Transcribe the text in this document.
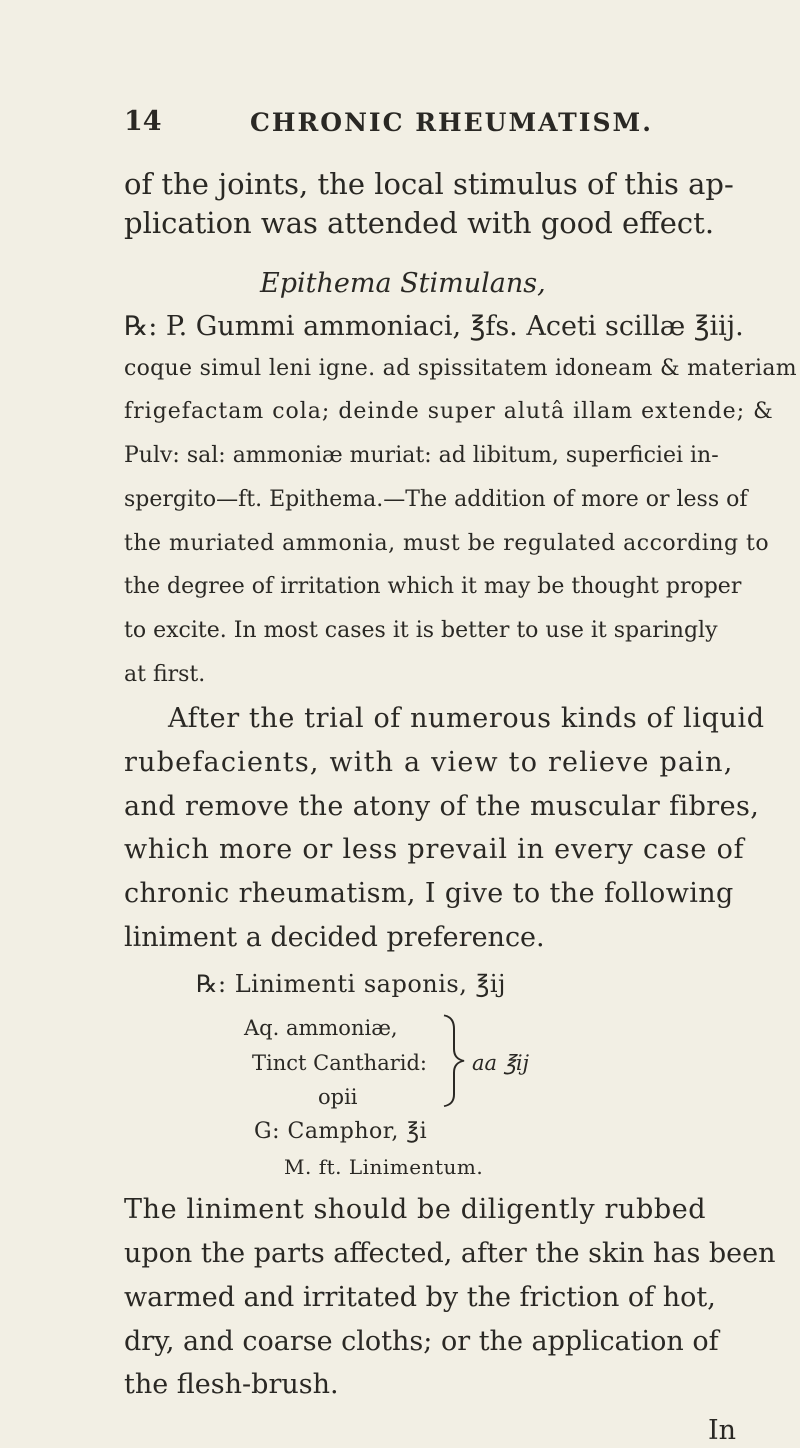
14	CHRONIC RHEUMATISM.
of the joints, the local stimulus of this ap-
plication was attended with good effect.
Epithema Stimulans,
℞: P. Gummi ammoniaci, ℥fs. Aceti scillæ ℥iij.
coque simul leni igne. ad spissitatem idoneam & materiam
frigefactam cola; deinde super alutâ illam extende; &
Pulv: sal: ammoniæ muriat: ad libitum, superficiei in-
spergito—ft. Epithema.—The addition of more or less of
the muriated ammonia, must be regulated according to
the degree of irritation which it may be thought proper
to excite. In most cases it is better to use it sparingly
at first.
After the trial of numerous kinds of liquid
rubefacients, with a view to relieve pain,
and remove the atony of the muscular fibres,
which more or less prevail in every case of
chronic rheumatism, I give to the following
liniment a decided preference.
℞: Linimenti saponis, ℥ij
Aq. ammoniæ,
Tinct Cantharid:
opii
aa ℥ij
G: Camphor, ℥i
M. ft. Linimentum.
The liniment should be diligently rubbed
upon the parts affected, after the skin has been
warmed and irritated by the friction of hot,
dry, and coarse cloths; or the application of
the flesh-brush.
In
